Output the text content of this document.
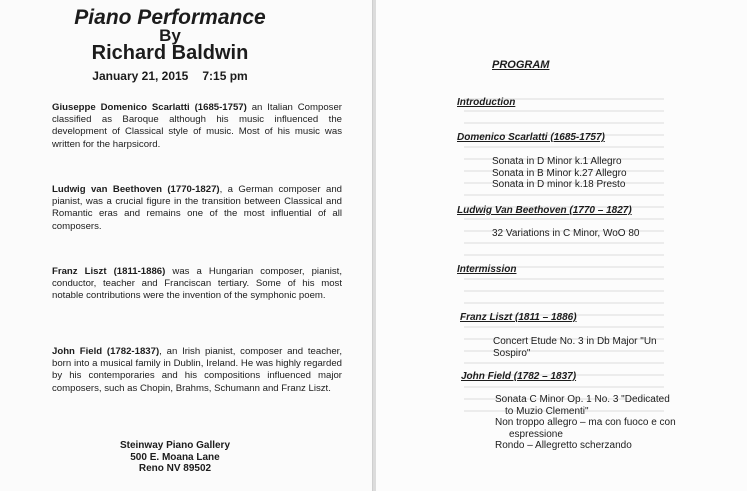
Piano Performance
By
Richard Baldwin
January 21, 2015 7:15 pm
Giuseppe Domenico Scarlatti (1685-1757) an Italian Composer classified as Baroque although his music influenced the development of Classical style of music. Most of his music was written for the harpsicord.
Ludwig van Beethoven (1770-1827), a German composer and pianist, was a crucial figure in the transition between Classical and Romantic eras and remains one of the most influential of all composers.
Franz Liszt (1811-1886) was a Hungarian composer, pianist, conductor, teacher and Franciscan tertiary. Some of his most notable contributions were the invention of the symphonic poem.
John Field (1782-1837), an Irish pianist, composer and teacher, born into a musical family in Dublin, Ireland. He was highly regarded by his contemporaries and his compositions influenced major composers, such as Chopin, Brahms, Schumann and Franz Liszt.
Steinway Piano Gallery
500 E. Moana Lane
Reno NV 89502
PROGRAM
Introduction
Domenico Scarlatti (1685-1757)
Sonata in D Minor k.1 Allegro
Sonata in B Minor k.27 Allegro
Sonata in D minor k.18 Presto
Ludwig Van Beethoven (1770 – 1827)
32 Variations in C Minor, WoO 80
Intermission
Franz Liszt (1811 – 1886)
Concert Etude No. 3 in Db Major "Un
Sospiro"
John Field (1782 – 1837)
Sonata C Minor Op. 1 No. 3 "Dedicated
to Muzio Clementi"
Non troppo allegro – ma con fuoco e con
espressione
Rondo – Allegretto scherzando
